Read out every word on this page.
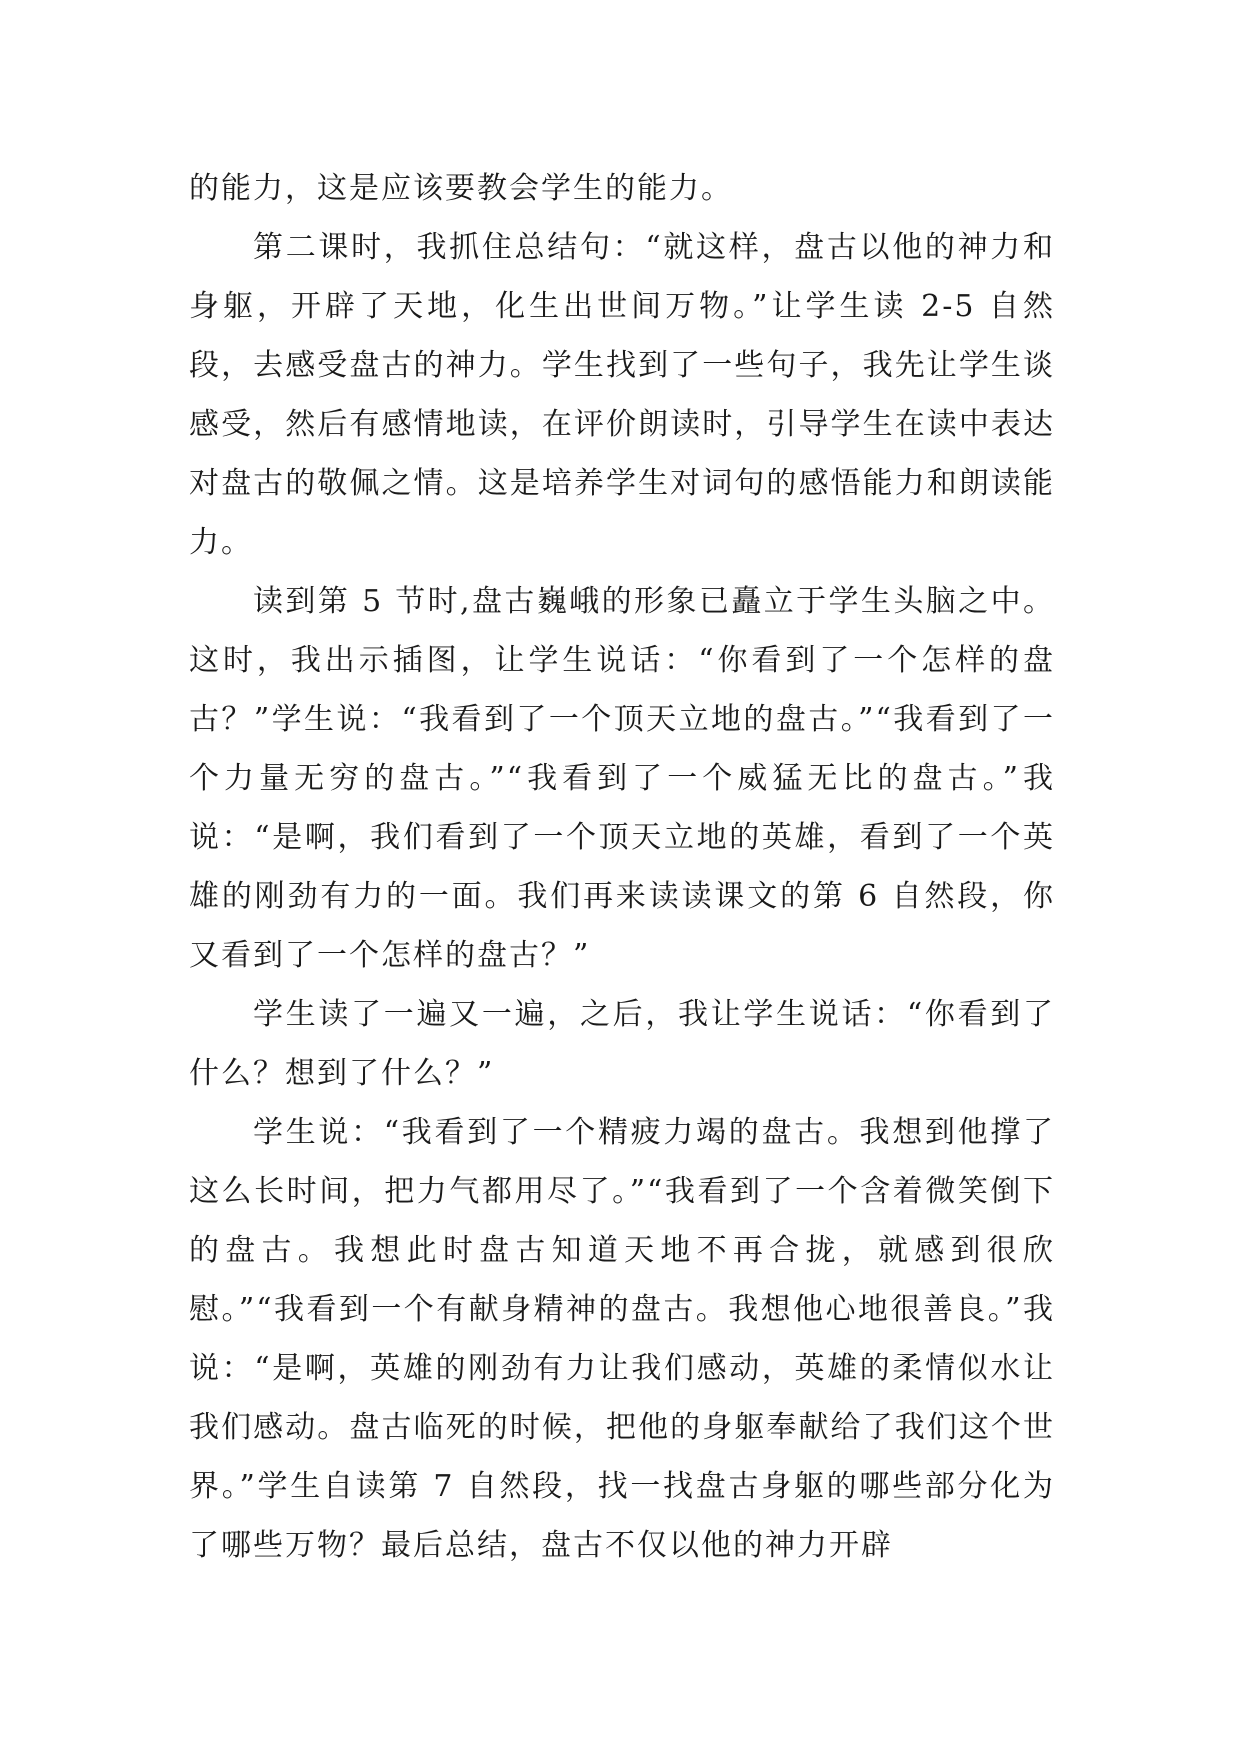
的能力，这是应该要教会学生的能力。

第二课时，我抓住总结句：“就这样，盘古以他的神力和身躯，开辟了天地，化生出世间万物。”让学生读 2-5 自然段，去感受盘古的神力。学生找到了一些句子，我先让学生谈感受，然后有感情地读，在评价朗读时，引导学生在读中表达对盘古的敬佩之情。这是培养学生对词句的感悟能力和朗读能力。

读到第 5 节时,盘古巍峨的形象已矗立于学生头脑之中。这时，我出示插图，让学生说话：“你看到了一个怎样的盘古？”学生说：“我看到了一个顶天立地的盘古。”“我看到了一个力量无穷的盘古。”“我看到了一个威猛无比的盘古。”我说：“是啊，我们看到了一个顶天立地的英雄，看到了一个英雄的刚劲有力的一面。我们再来读读课文的第 6 自然段，你又看到了一个怎样的盘古？”

学生读了一遍又一遍，之后，我让学生说话：“你看到了什么？想到了什么？”

学生说：“我看到了一个精疲力竭的盘古。我想到他撑了这么长时间，把力气都用尽了。”“我看到了一个含着微笑倒下的盘古。我想此时盘古知道天地不再合拢，就感到很欣慰。”“我看到一个有献身精神的盘古。我想他心地很善良。”我说：“是啊，英雄的刚劲有力让我们感动，英雄的柔情似水让我们感动。盘古临死的时候，把他的身躯奉献给了我们这个世界。”学生自读第 7 自然段，找一找盘古身躯的哪些部分化为了哪些万物？最后总结，盘古不仅以他的神力开辟
